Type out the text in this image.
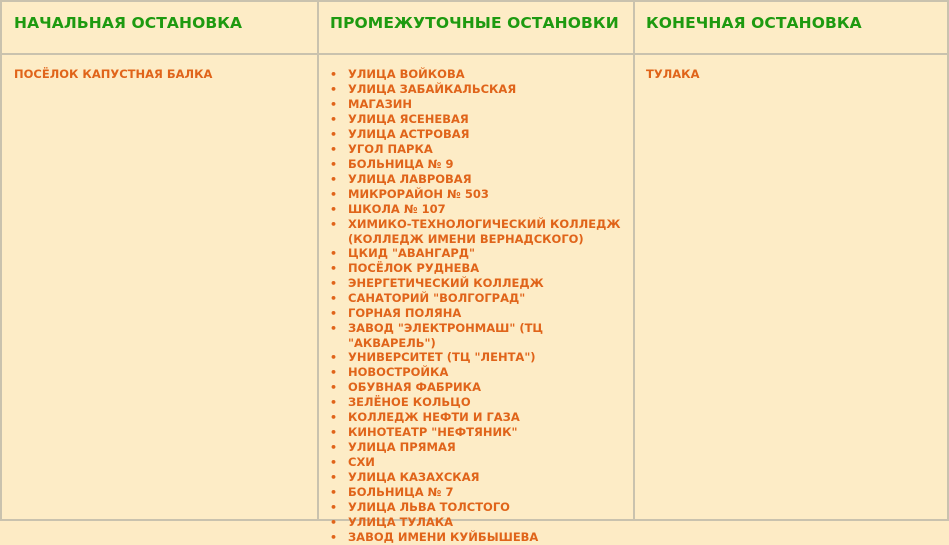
НАЧАЛЬНАЯ ОСТАНОВКА	ПРОМЕЖУТОЧНЫЕ ОСТАНОВКИ КОНЕЧНАЯ ОСТАНОВКА
ПОСЁЛОК КАПУСТНАЯ БАЛКА	• УЛИЦА ВОЙКОВА
• УЛИЦА ЗАБАЙКАЛЬСКАЯ
• МАГАЗИН
• УЛИЦА ЯСЕНЕВАЯ
• УЛИЦА АСТРОВАЯ
• УГОЛ ПАРКА
• БОЛЬНИЦА № 9
• УЛИЦА ЛАВРОВАЯ
• МИКРОРАЙОН № 503
• ШКОЛА № 107
• ХИМИКО-ТЕХНОЛОГИЧЕСКИЙ КОЛЛЕДЖ (КОЛЛЕДЖ ИМЕНИ ВЕРНАДСКОГО)
• ЦКИД "АВАНГАРД"
• ПОСЁЛОК РУДНЕВА
• ЭНЕРГЕТИЧЕСКИЙ КОЛЛЕДЖ
• САНАТОРИЙ "ВОЛГОГРАД"
• ГОРНАЯ ПОЛЯНА
• ЗАВОД "ЭЛЕКТРОНМАШ" (ТЦ "АКВАРЕЛЬ")
• УНИВЕРСИТЕТ (ТЦ "ЛЕНТА")
• НОВОСТРОЙКА
• ОБУВНАЯ ФАБРИКА
• ЗЕЛЁНОЕ КОЛЬЦО
• КОЛЛЕДЖ НЕФТИ И ГАЗА
• КИНОТЕАТР "НЕФТЯНИК"
• УЛИЦА ПРЯМАЯ
• СХИ
• УЛИЦА КАЗАХСКАЯ
• БОЛЬНИЦА № 7
• УЛИЦА ЛЬВА ТОЛСТОГО
• УЛИЦА ТУЛАКА
• ЗАВОД ИМЕНИ КУЙБЫШЕВА
ТУЛАКА
